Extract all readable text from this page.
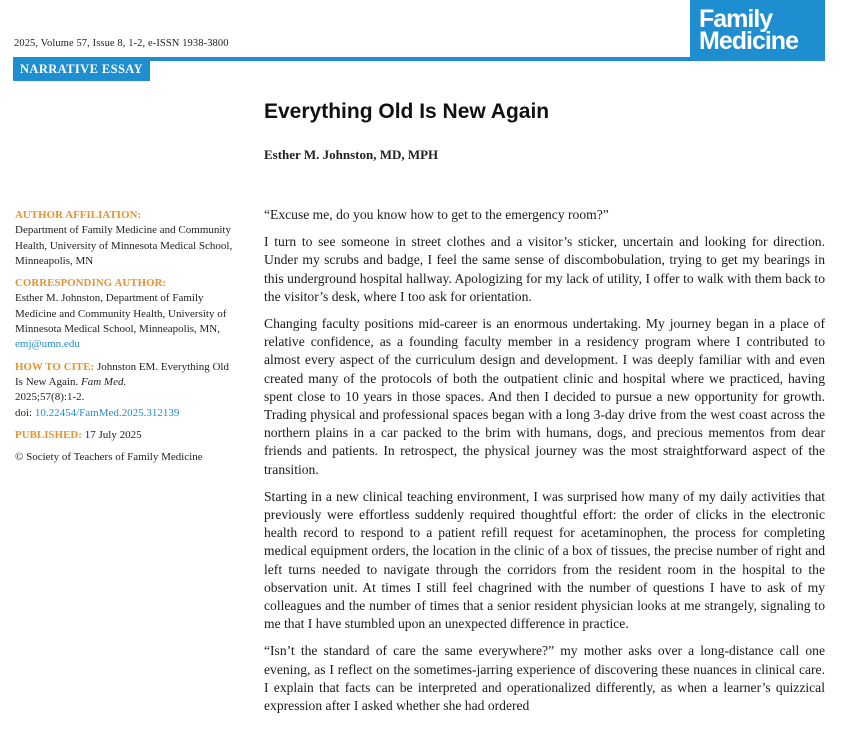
2025, Volume 57, Issue 8, 1-2, e-ISSN 1938-3800
NARRATIVE ESSAY
Family
Medicine
Everything Old Is New Again
Esther M. Johnston, MD, MPH
AUTHOR AFFILIATION:
Department of Family Medicine and Community Health, University of Minnesota Medical School, Minneapolis, MN
CORRESPONDING AUTHOR:
Esther M. Johnston, Department of Family Medicine and Community Health, University of Minnesota Medical School, Minneapolis, MN, emj@umn.edu
HOW TO CITE: Johnston EM. Everything Old Is New Again. Fam Med.
2025;57(8):1-2.
doi: 10.22454/FamMed.2025.312139
PUBLISHED: 17 July 2025
© Society of Teachers of Family Medicine

“Excuse me, do you know how to get to the emergency room?”

I turn to see someone in street clothes and a visitor’s sticker, uncertain and looking for direction. Under my scrubs and badge, I feel the same sense of discombobulation, trying to get my bearings in this underground hospital hallway. Apologizing for my lack of utility, I offer to walk with them back to the visitor’s desk, where I too ask for orientation.

Changing faculty positions mid-career is an enormous undertaking. My journey began in a place of relative confidence, as a founding faculty member in a residency program where I contributed to almost every aspect of the curriculum design and development. I was deeply familiar with and even created many of the protocols of both the outpatient clinic and hospital where we practiced, having spent close to 10 years in those spaces. And then I decided to pursue a new opportunity for growth. Trading physical and professional spaces began with a long 3-day drive from the west coast across the northern plains in a car packed to the brim with humans, dogs, and precious mementos from dear friends and patients. In retrospect, the physical journey was the most straightforward aspect of the transition.

Starting in a new clinical teaching environment, I was surprised how many of my daily activities that previously were effortless suddenly required thoughtful effort: the order of clicks in the electronic health record to respond to a patient refill request for acetaminophen, the process for completing medical equipment orders, the location in the clinic of a box of tissues, the precise number of right and left turns needed to navigate through the corridors from the resident room in the hospital to the observation unit. At times I still feel chagrined with the number of questions I have to ask of my colleagues and the number of times that a senior resident physician looks at me strangely, signaling to me that I have stumbled upon an unexpected difference in practice.

“Isn’t the standard of care the same everywhere?” my mother asks over a long-distance call one evening, as I reflect on the sometimes-jarring experience of discovering these nuances in clinical care. I explain that facts can be interpreted and operationalized differently, as when a learner’s quizzical expression after I asked whether she had ordered
